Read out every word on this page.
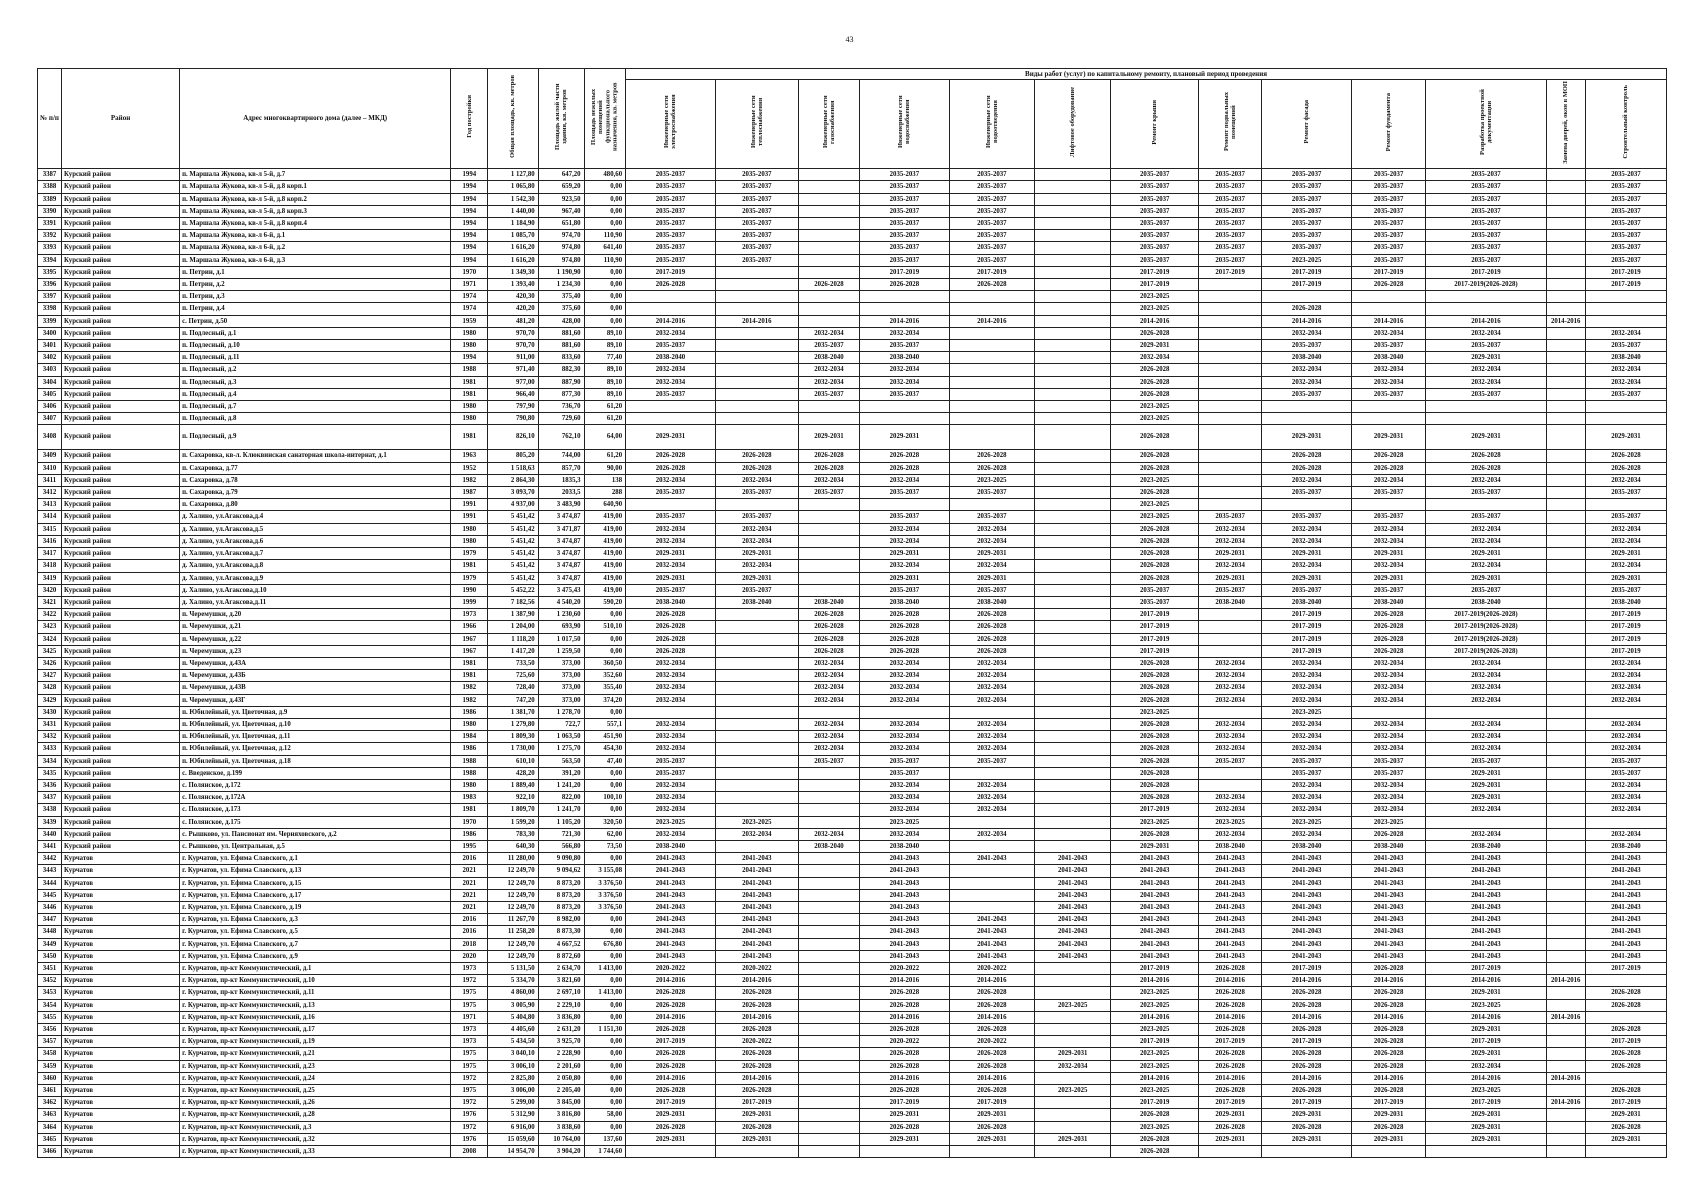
43
№ п/п	Район	Адрес многоквартирного дома (далее – МКД)	Год постройки	Общая площадь, кв. метров	Площадь жилой части здания, кв. метров	Площадь нежилых помещений функционального назначения, кв. метров	Виды работ (услуг) по капитальному ремонту, плановый период проведения												
							Инженерные сети электроснабжения	Инженерные сети теплоснабжения	Инженерные сети газоснабжения	Инженерные сети водоснабжения	Инженерные сети водоотведения	Лифтовое оборудование	Ремонт крыши	Ремонт подвальных помещений	Ремонт фасада	Ремонт фундамента	Разработка проектной документации	Замена дверей, окон в МОП	Строительный контроль
3387	Курский район	п. Маршала Жукова, кв-л 5-й, д.7	1994	1 127,80	647,20	480,60	2035-2037	2035-2037		2035-2037	2035-2037		2035-2037	2035-2037	2035-2037	2035-2037	2035-2037		2035-2037
3388	Курский район	п. Маршала Жукова, кв-л 5-й, д.8 корп.1	1994	1 065,80	659,20	0,00	2035-2037	2035-2037		2035-2037	2035-2037		2035-2037	2035-2037	2035-2037	2035-2037	2035-2037		2035-2037
3389	Курский район	п. Маршала Жукова, кв-л 5-й, д.8 корп.2	1994	1 542,30	923,50	0,00	2035-2037	2035-2037		2035-2037	2035-2037		2035-2037	2035-2037	2035-2037	2035-2037	2035-2037		2035-2037
3390	Курский район	п. Маршала Жукова, кв-л 5-й, д.8 корп.3	1994	1 440,00	967,40	0,00	2035-2037	2035-2037		2035-2037	2035-2037		2035-2037	2035-2037	2035-2037	2035-2037	2035-2037		2035-2037
3391	Курский район	п. Маршала Жукова, кв-л 5-й, д.8 корп.4	1994	1 184,90	651,80	0,00	2035-2037	2035-2037		2035-2037	2035-2037		2035-2037	2035-2037	2035-2037	2035-2037	2035-2037		2035-2037
3392	Курский район	п. Маршала Жукова, кв-л 6-й, д.1	1994	1 085,70	974,70	110,90	2035-2037	2035-2037		2035-2037	2035-2037		2035-2037	2035-2037	2035-2037	2035-2037	2035-2037		2035-2037
3393	Курский район	п. Маршала Жукова, кв-л 6-й, д.2	1994	1 616,20	974,80	641,40	2035-2037	2035-2037		2035-2037	2035-2037		2035-2037	2035-2037	2035-2037	2035-2037	2035-2037		2035-2037
3394	Курский район	п. Маршала Жукова, кв-л 6-й, д.3	1994	1 616,20	974,80	110,90	2035-2037	2035-2037		2035-2037	2035-2037		2035-2037	2035-2037	2023-2025	2035-2037	2035-2037		2035-2037
3395	Курский район	п. Петрин, д.1	1970	1 349,30	1 190,90	0,00	2017-2019			2017-2019	2017-2019		2017-2019	2017-2019	2017-2019	2017-2019	2017-2019		2017-2019
3396	Курский район	п. Петрин, д.2	1971	1 393,40	1 234,30	0,00	2026-2028		2026-2028	2026-2028	2026-2028		2017-2019		2017-2019	2026-2028	2017-2019(2026-2028)		2017-2019
3397	Курский район	п. Петрин, д.3	1974	420,30	375,40	0,00							2023-2025						
3398	Курский район	п. Петрин, д.4	1974	420,20	375,60	0,00							2023-2025		2026-2028				
3399	Курский район	с. Петрин, д.50	1959	481,20	428,00	0,00	2014-2016	2014-2016		2014-2016	2014-2016		2014-2016		2014-2016	2014-2016	2014-2016	2014-2016	
3400	Курский район	п. Подлесный, д.1	1980	970,70	881,60	89,10	2032-2034		2032-2034	2032-2034			2026-2028		2032-2034	2032-2034	2032-2034		2032-2034
3401	Курский район	п. Подлесный, д.10	1980	970,70	881,60	89,10	2035-2037		2035-2037	2035-2037			2029-2031		2035-2037	2035-2037	2035-2037		2035-2037
3402	Курский район	п. Подлесный, д.11	1994	911,00	833,60	77,40	2038-2040		2038-2040	2038-2040			2032-2034		2038-2040	2038-2040	2029-2031		2038-2040
3403	Курский район	п. Подлесный, д.2	1988	971,40	882,30	89,10	2032-2034		2032-2034	2032-2034			2026-2028		2032-2034	2032-2034	2032-2034		2032-2034
3404	Курский район	п. Подлесный, д.3	1981	977,00	887,90	89,10	2032-2034		2032-2034	2032-2034			2026-2028		2032-2034	2032-2034	2032-2034		2032-2034
3405	Курский район	п. Подлесный, д.4	1981	966,40	877,30	89,10	2035-2037		2035-2037	2035-2037			2026-2028		2035-2037	2035-2037	2035-2037		2035-2037
3406	Курский район	п. Подлесный, д.7	1980	797,90	736,70	61,20							2023-2025						
3407	Курский район	п. Подлесный, д.8	1980	790,80	729,60	61,20							2023-2025						
3408	Курский район	п. Подлесный, д.9	1981	826,10	762,10	64,00	2029-2031		2029-2031	2029-2031			2026-2028		2029-2031	2029-2031	2029-2031		2029-2031
3409	Курский район	п. Сахаровка, кв-л. Клюквинская санаторная школа-интернат, д.1	1963	805,20	744,00	61,20	2026-2028	2026-2028	2026-2028	2026-2028	2026-2028		2026-2028		2026-2028	2026-2028	2026-2028		2026-2028
3410	Курский район	п. Сахаровка, д.77	1952	1 518,63	857,70	90,00	2026-2028	2026-2028	2026-2028	2026-2028	2026-2028		2026-2028		2026-2028	2026-2028	2026-2028		2026-2028
3411	Курский район	п. Сахаровка, д.78	1982	2 864,30	1835,3	138	2032-2034	2032-2034	2032-2034	2032-2034	2023-2025		2023-2025		2032-2034	2032-2034	2032-2034		2032-2034
3412	Курский район	п. Сахаровка, д.79	1987	3 093,70	2033,5	288	2035-2037	2035-2037	2035-2037	2035-2037	2035-2037		2026-2028		2035-2037	2035-2037	2035-2037		2035-2037
3413	Курский район	п. Сахаровка, д.80	1991	4 937,00	3 483,90	640,90							2023-2025						
3414	Курский район	д. Халино, ул.Агаксова,д.4	1991	5 451,42	3 474,87	419,00	2035-2037	2035-2037		2035-2037	2035-2037		2023-2025	2035-2037	2035-2037	2035-2037	2035-2037		2035-2037
3415	Курский район	д. Халино, ул.Агаксова,д.5	1980	5 451,42	3 471,87	419,00	2032-2034	2032-2034		2032-2034	2032-2034		2026-2028	2032-2034	2032-2034	2032-2034	2032-2034		2032-2034
3416	Курский район	д. Халино, ул.Агаксова,д.6	1980	5 451,42	3 474,87	419,00	2032-2034	2032-2034		2032-2034	2032-2034		2026-2028	2032-2034	2032-2034	2032-2034	2032-2034		2032-2034
3417	Курский район	д. Халино, ул.Агаксова,д.7	1979	5 451,42	3 474,87	419,00	2029-2031	2029-2031		2029-2031	2029-2031		2026-2028	2029-2031	2029-2031	2029-2031	2029-2031		2029-2031
3418	Курский район	д. Халино, ул.Агаксова,д.8	1981	5 451,42	3 474,87	419,00	2032-2034	2032-2034		2032-2034	2032-2034		2026-2028	2032-2034	2032-2034	2032-2034	2032-2034		2032-2034
3419	Курский район	д. Халино, ул.Агаксова,д.9	1979	5 451,42	3 474,87	419,00	2029-2031	2029-2031		2029-2031	2029-2031		2026-2028	2029-2031	2029-2031	2029-2031	2029-2031		2029-2031
3420	Курский район	д. Халино, ул.Агаксова,д.10	1990	5 452,22	3 475,43	419,00	2035-2037	2035-2037		2035-2037	2035-2037		2035-2037	2035-2037	2035-2037	2035-2037	2035-2037		2035-2037
3421	Курский район	д. Халино, ул.Агаксова,д.11	1999	7 182,56	4 540,20	590,20	2038-2040	2038-2040	2038-2040	2038-2040	2038-2040		2035-2037	2038-2040	2038-2040	2038-2040	2038-2040		2038-2040
3422	Курский район	п. Черемушки, д.20	1973	1 387,90	1 230,60	0,00	2026-2028		2026-2028	2026-2028	2026-2028		2017-2019		2017-2019	2026-2028	2017-2019(2026-2028)		2017-2019
3423	Курский район	п. Черемушки, д.21	1966	1 204,00	693,90	510,10	2026-2028		2026-2028	2026-2028	2026-2028		2017-2019		2017-2019	2026-2028	2017-2019(2026-2028)		2017-2019
3424	Курский район	п. Черемушки, д.22	1967	1 118,20	1 017,50	0,00	2026-2028		2026-2028	2026-2028	2026-2028		2017-2019		2017-2019	2026-2028	2017-2019(2026-2028)		2017-2019
3425	Курский район	п. Черемушки, д.23	1967	1 417,20	1 259,50	0,00	2026-2028		2026-2028	2026-2028	2026-2028		2017-2019		2017-2019	2026-2028	2017-2019(2026-2028)		2017-2019
3426	Курский район	п. Черемушки, д.43А	1981	733,50	373,00	360,50	2032-2034		2032-2034	2032-2034	2032-2034		2026-2028	2032-2034	2032-2034	2032-2034	2032-2034		2032-2034
3427	Курский район	п. Черемушки, д.43Б	1981	725,60	373,00	352,60	2032-2034		2032-2034	2032-2034	2032-2034		2026-2028	2032-2034	2032-2034	2032-2034	2032-2034		2032-2034
3428	Курский район	п. Черемушки, д.43В	1982	728,40	373,00	355,40	2032-2034		2032-2034	2032-2034	2032-2034		2026-2028	2032-2034	2032-2034	2032-2034	2032-2034		2032-2034
3429	Курский район	п. Черемушки, д.43Г	1982	747,20	373,00	374,20	2032-2034		2032-2034	2032-2034	2032-2034		2026-2028	2032-2034	2032-2034	2032-2034	2032-2034		2032-2034
3430	Курский район	п. Юбилейный, ул. Цветочная, д.9	1986	1 381,70	1 278,70	0,00							2023-2025		2023-2025				
3431	Курский район	п. Юбилейный, ул. Цветочная, д.10	1980	1 279,80	722,7	557,1	2032-2034		2032-2034	2032-2034	2032-2034		2026-2028	2032-2034	2032-2034	2032-2034	2032-2034		2032-2034
3432	Курский район	п. Юбилейный, ул. Цветочная, д.11	1984	1 809,30	1 063,50	451,90	2032-2034		2032-2034	2032-2034	2032-2034		2026-2028	2032-2034	2032-2034	2032-2034	2032-2034		2032-2034
3433	Курский район	п. Юбилейный, ул. Цветочная, д.12	1986	1 730,00	1 275,70	454,30	2032-2034		2032-2034	2032-2034	2032-2034		2026-2028	2032-2034	2032-2034	2032-2034	2032-2034		2032-2034
3434	Курский район	п. Юбилейный, ул. Цветочная, д.18	1988	610,10	563,50	47,40	2035-2037		2035-2037	2035-2037	2035-2037		2026-2028	2035-2037	2035-2037	2035-2037	2035-2037		2035-2037
3435	Курский район	с. Введенское, д.199	1988	428,20	391,20	0,00	2035-2037			2035-2037			2026-2028		2035-2037	2035-2037	2029-2031		2035-2037
3436	Курский район	с. Полянское, д.172	1980	1 889,40	1 241,20	0,00	2032-2034			2032-2034	2032-2034		2026-2028		2032-2034	2032-2034	2029-2031		2032-2034
3437	Курский район	с. Полянское, д.172А	1983	922,10	822,00	100,10	2032-2034			2032-2034	2032-2034		2026-2028	2032-2034	2032-2034	2032-2034	2029-2031		2032-2034
3438	Курский район	с. Полянское, д.173	1981	1 809,70	1 241,70	0,00	2032-2034			2032-2034	2032-2034		2017-2019	2032-2034	2032-2034	2032-2034	2032-2034		2032-2034
3439	Курский район	с. Полянское, д.175	1970	1 599,20	1 105,20	320,50	2023-2025	2023-2025		2023-2025			2023-2025	2023-2025	2023-2025	2023-2025			
3440	Курский район	с. Рышково, ул. Пансионат им. Черняховского, д.2	1986	783,30	721,30	62,00	2032-2034	2032-2034	2032-2034	2032-2034	2032-2034		2026-2028	2032-2034	2032-2034	2026-2028	2032-2034		2032-2034
3441	Курский район	с. Рышково, ул. Центральная, д.5	1995	640,30	566,80	73,50	2038-2040		2038-2040	2038-2040			2029-2031	2038-2040	2038-2040	2038-2040	2038-2040		2038-2040
3442	Курчатов	г. Курчатов, ул. Ефима Славского, д.1	2016	11 280,00	9 090,80	0,00	2041-2043	2041-2043		2041-2043	2041-2043	2041-2043	2041-2043	2041-2043	2041-2043	2041-2043	2041-2043		2041-2043
3443	Курчатов	г. Курчатов, ул. Ефима Славского, д.13	2021	12 249,70	9 094,62	3 155,08	2041-2043	2041-2043		2041-2043		2041-2043	2041-2043	2041-2043	2041-2043	2041-2043	2041-2043		2041-2043
3444	Курчатов	г. Курчатов, ул. Ефима Славского, д.15	2021	12 249,70	8 873,20	3 376,50	2041-2043	2041-2043		2041-2043		2041-2043	2041-2043	2041-2043	2041-2043	2041-2043	2041-2043		2041-2043
3445	Курчатов	г. Курчатов, ул. Ефима Славского, д.17	2021	12 249,70	8 873,20	3 376,50	2041-2043	2041-2043		2041-2043		2041-2043	2041-2043	2041-2043	2041-2043	2041-2043	2041-2043		2041-2043
3446	Курчатов	г. Курчатов, ул. Ефима Славского, д.19	2021	12 249,70	8 873,20	3 376,50	2041-2043	2041-2043		2041-2043		2041-2043	2041-2043	2041-2043	2041-2043	2041-2043	2041-2043		2041-2043
3447	Курчатов	г. Курчатов, ул. Ефима Славского, д.3	2016	11 267,70	8 982,00	0,00	2041-2043	2041-2043		2041-2043	2041-2043	2041-2043	2041-2043	2041-2043	2041-2043	2041-2043	2041-2043		2041-2043
3448	Курчатов	г. Курчатов, ул. Ефима Славского, д.5	2016	11 258,20	8 873,30	0,00	2041-2043	2041-2043		2041-2043	2041-2043	2041-2043	2041-2043	2041-2043	2041-2043	2041-2043	2041-2043		2041-2043
3449	Курчатов	г. Курчатов, ул. Ефима Славского, д.7	2018	12 249,70	4 667,52	676,80	2041-2043	2041-2043		2041-2043	2041-2043	2041-2043	2041-2043	2041-2043	2041-2043	2041-2043	2041-2043		2041-2043
3450	Курчатов	г. Курчатов, ул. Ефима Славского, д.9	2020	12 249,70	8 872,60	0,00	2041-2043	2041-2043		2041-2043	2041-2043	2041-2043	2041-2043	2041-2043	2041-2043	2041-2043	2041-2043		2041-2043
3451	Курчатов	г. Курчатов, пр-кт Коммунистический, д.1	1973	5 131,50	2 634,70	1 413,00	2020-2022	2020-2022		2020-2022	2020-2022		2017-2019	2026-2028	2017-2019	2026-2028	2017-2019		2017-2019
3452	Курчатов	г. Курчатов, пр-кт Коммунистический, д.10	1972	5 334,70	3 821,60	0,00	2014-2016	2014-2016		2014-2016	2014-2016		2014-2016	2014-2016	2014-2016	2014-2016	2014-2016	2014-2016	
3453	Курчатов	г. Курчатов, пр-кт Коммунистический, д.11	1975	4 860,00	2 697,10	1 413,00	2026-2028	2026-2028		2026-2028	2026-2028		2023-2025	2026-2028	2026-2028	2026-2028	2029-2031		2026-2028
3454	Курчатов	г. Курчатов, пр-кт Коммунистический, д.13	1975	3 005,90	2 229,10	0,00	2026-2028	2026-2028		2026-2028	2026-2028	2023-2025	2023-2025	2026-2028	2026-2028	2026-2028	2023-2025		2026-2028
3455	Курчатов	г. Курчатов, пр-кт Коммунистический, д.16	1971	5 404,80	3 836,80	0,00	2014-2016	2014-2016		2014-2016	2014-2016		2014-2016	2014-2016	2014-2016	2014-2016	2014-2016	2014-2016	
3456	Курчатов	г. Курчатов, пр-кт Коммунистический, д.17	1973	4 405,60	2 631,20	1 151,30	2026-2028	2026-2028		2026-2028	2026-2028		2023-2025	2026-2028	2026-2028	2026-2028	2029-2031		2026-2028
3457	Курчатов	г. Курчатов, пр-кт Коммунистический, д.19	1973	5 434,50	3 925,70	0,00	2017-2019	2020-2022		2020-2022	2020-2022		2017-2019	2017-2019	2017-2019	2026-2028	2017-2019		2017-2019
3458	Курчатов	г. Курчатов, пр-кт Коммунистический, д.21	1975	3 040,10	2 228,90	0,00	2026-2028	2026-2028		2026-2028	2026-2028	2029-2031	2023-2025	2026-2028	2026-2028	2026-2028	2029-2031		2026-2028
3459	Курчатов	г. Курчатов, пр-кт Коммунистический, д.23	1975	3 006,10	2 201,60	0,00	2026-2028	2026-2028		2026-2028	2026-2028	2032-2034	2023-2025	2026-2028	2026-2028	2026-2028	2032-2034		2026-2028
3460	Курчатов	г. Курчатов, пр-кт Коммунистический, д.24	1972	2 825,80	2 050,80	0,00	2014-2016	2014-2016		2014-2016	2014-2016		2014-2016	2014-2016	2014-2016	2014-2016	2014-2016	2014-2016	
3461	Курчатов	г. Курчатов, пр-кт Коммунистический, д.25	1975	3 006,00	2 205,40	0,00	2026-2028	2026-2028		2026-2028	2026-2028	2023-2025	2023-2025	2026-2028	2026-2028	2026-2028	2023-2025		2026-2028
3462	Курчатов	г. Курчатов, пр-кт Коммунистический, д.26	1972	5 299,00	3 845,00	0,00	2017-2019	2017-2019		2017-2019	2017-2019		2017-2019	2017-2019	2017-2019	2017-2019	2017-2019	2014-2016	2017-2019
3463	Курчатов	г. Курчатов, пр-кт Коммунистический, д.28	1976	5 312,90	3 816,80	58,00	2029-2031	2029-2031		2029-2031	2029-2031		2026-2028	2029-2031	2029-2031	2029-2031	2029-2031		2029-2031
3464	Курчатов	г. Курчатов, пр-кт Коммунистический, д.3	1972	6 916,00	3 838,60	0,00	2026-2028	2026-2028		2026-2028	2026-2028		2023-2025	2026-2028	2026-2028	2026-2028	2029-2031		2026-2028
3465	Курчатов	г. Курчатов, пр-кт Коммунистический, д.32	1976	15 059,60	10 764,00	137,60	2029-2031	2029-2031		2029-2031	2029-2031	2029-2031	2026-2028	2029-2031	2029-2031	2029-2031	2029-2031		2029-2031
3466	Курчатов	г. Курчатов, пр-кт Коммунистический, д.33	2008	14 954,70	3 904,20	1 744,60							2026-2028						
